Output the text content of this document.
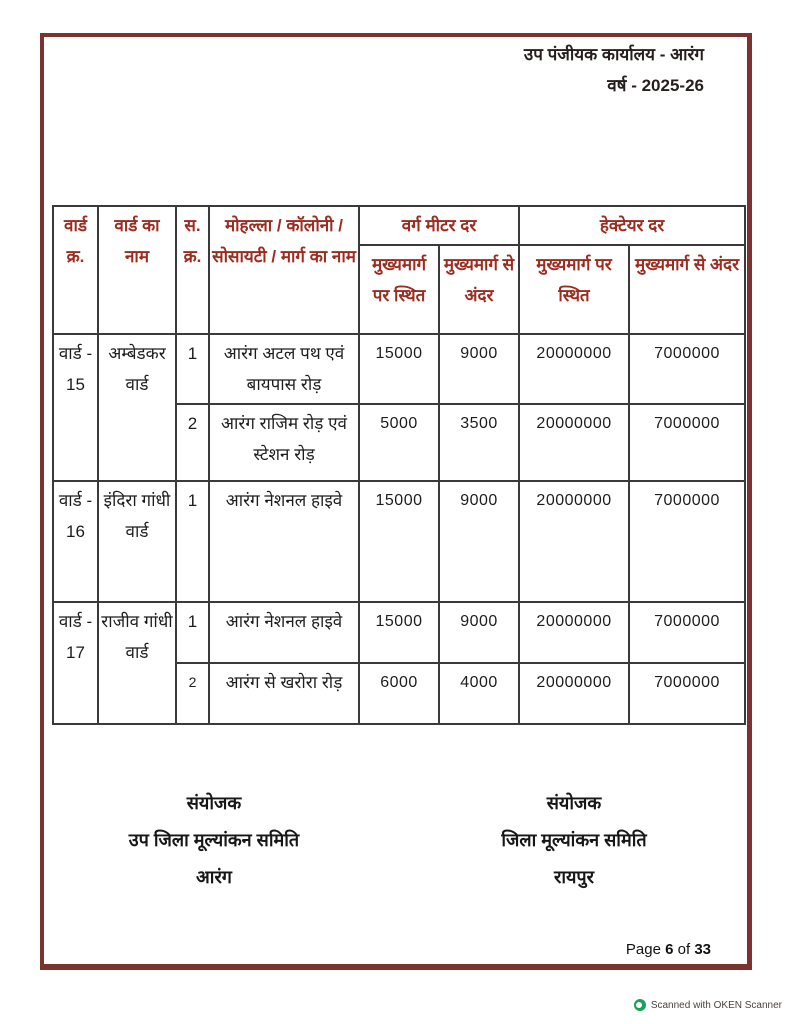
उप पंजीयक कार्यालय - आरंग
वर्ष - 2025-26
वार्ड क्र.	वार्ड का नाम	स. क्र.	मोहल्ला / कॉलोनी / सोसायटी / मार्ग का नाम	वर्ग मीटर दर		हेक्टेयर दर	
				मुख्यमार्ग पर स्थित	मुख्यमार्ग से अंदर	मुख्यमार्ग पर स्थित	मुख्यमार्ग से अंदर
वार्ड - 15	अम्बेडकर वार्ड	1	आरंग अटल पथ एवं बायपास रोड़	15000	9000	20000000	7000000
		2	आरंग राजिम रोड़ एवं स्टेशन रोड़	5000	3500	20000000	7000000
वार्ड - 16	इंदिरा गांधी वार्ड	1	आरंग नेशनल हाइवे	15000	9000	20000000	7000000
वार्ड - 17	राजीव गांधी वार्ड	1	आरंग नेशनल हाइवे	15000	9000	20000000	7000000
		2	आरंग से खरोरा रोड़	6000	4000	20000000	7000000
संयोजक
उप जिला मूल्यांकन समिति
आरंग
संयोजक
जिला मूल्यांकन समिति
रायपुर
Page 6 of 33
Scanned with OKEN Scanner
